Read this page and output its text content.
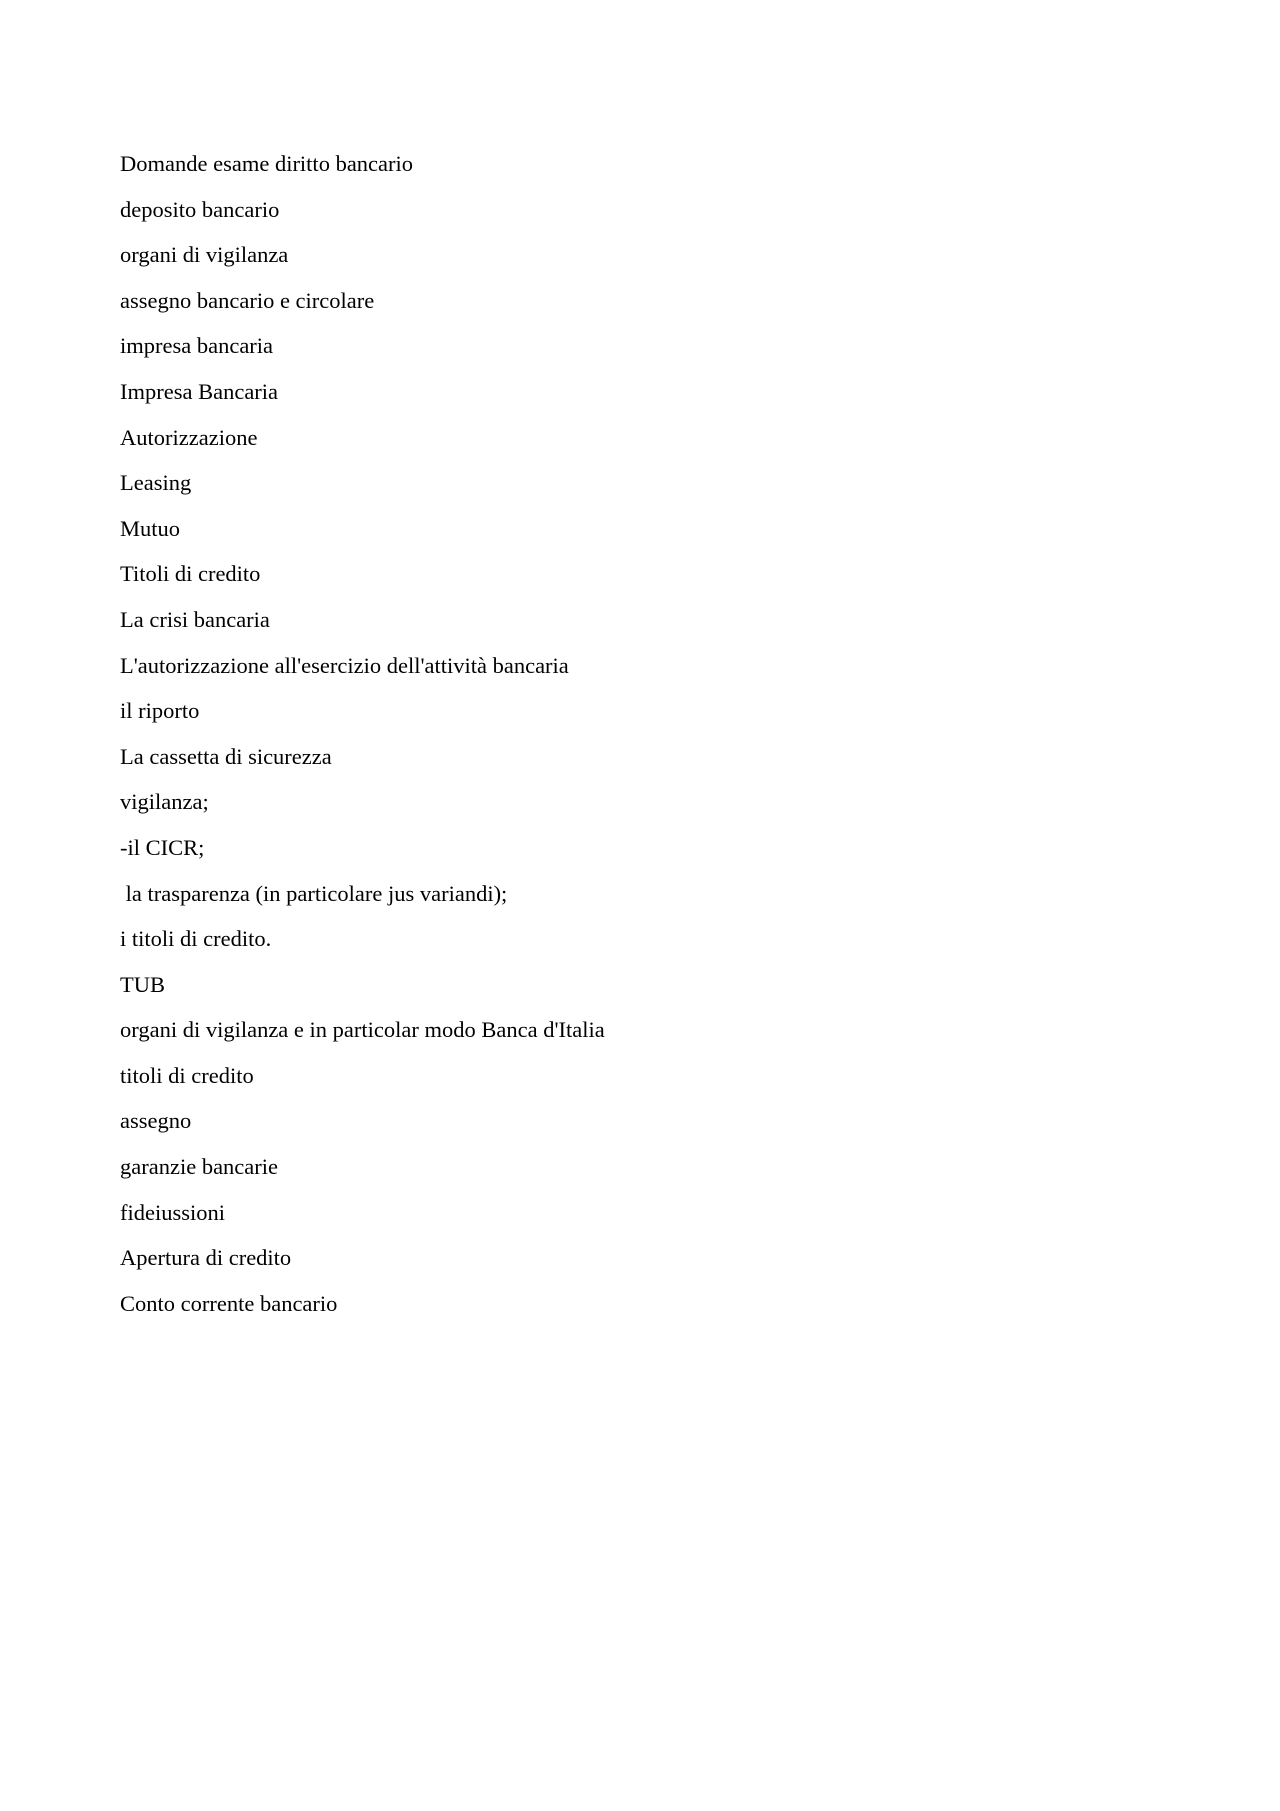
Domande esame diritto bancario
deposito bancario
organi di vigilanza
assegno bancario e circolare
impresa bancaria
Impresa Bancaria
Autorizzazione
Leasing
Mutuo
Titoli di credito
La crisi bancaria
L'autorizzazione all'esercizio dell'attività bancaria
il riporto
La cassetta di sicurezza
vigilanza;
-il CICR;
la trasparenza (in particolare jus variandi);
i titoli di credito.
TUB
organi di vigilanza e in particolar modo Banca d'Italia
titoli di credito
assegno
garanzie bancarie
fideiussioni
Apertura di credito
Conto corrente bancario
